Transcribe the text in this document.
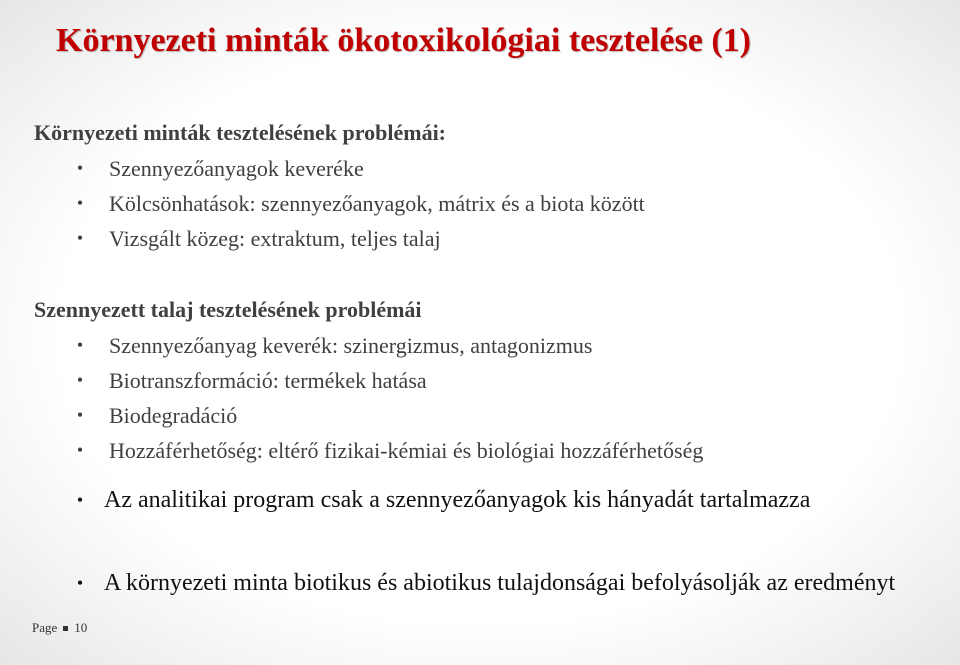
Környezeti minták ökotoxikológiai tesztelése (1)
Környezeti minták tesztelésének problémái:
• Szennyezőanyagok keveréke
• Kölcsönhatások: szennyezőanyagok, mátrix és a biota között
• Vizsgált közeg: extraktum, teljes talaj
Szennyezett talaj tesztelésének problémái
• Szennyezőanyag keverék: szinergizmus, antagonizmus
• Biotranszformáció: termékek hatása
• Biodegradáció
• Hozzáférhetőség: eltérő fizikai-kémiai és biológiai hozzáférhetőség
• Az analitikai program csak a szennyezőanyagok kis hányadát tartalmazza
• A környezeti minta biotikus és abiotikus tulajdonságai befolyásolják az eredményt
Page 10
